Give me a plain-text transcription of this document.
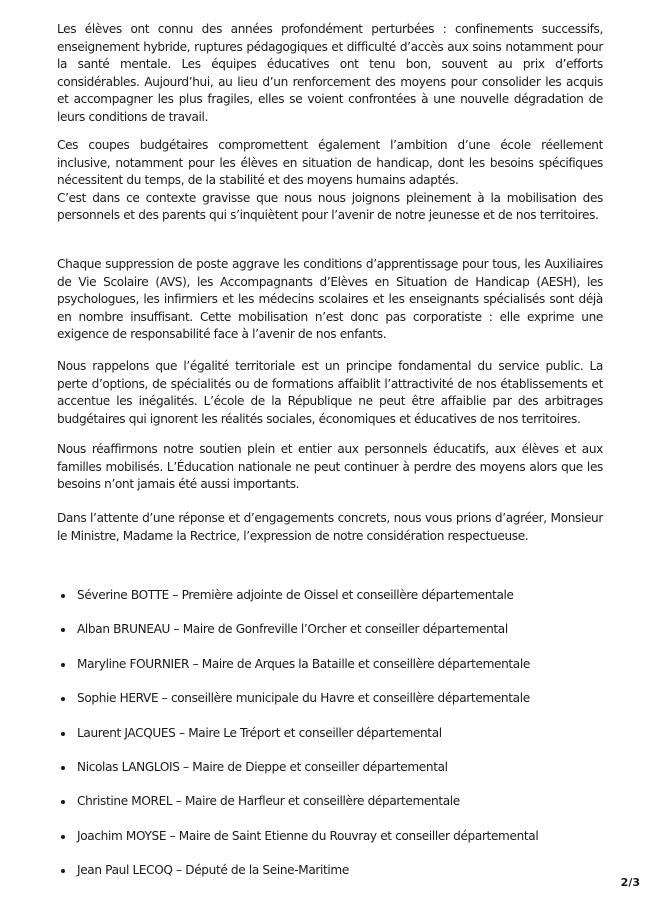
Les élèves ont connu des années profondément perturbées : confinements successifs, enseignement hybride, ruptures pédagogiques et difficulté d’accès aux soins notamment pour la santé mentale. Les équipes éducatives ont tenu bon, souvent au prix d’efforts considérables. Aujourd’hui, au lieu d’un renforcement des moyens pour consolider les acquis et accompagner les plus fragiles, elles se voient confrontées à une nouvelle dégradation de leurs conditions de travail.

Ces coupes budgétaires compromettent également l’ambition d’une école réellement inclusive, notamment pour les élèves en situation de handicap, dont les besoins spécifiques nécessitent du temps, de la stabilité et des moyens humains adaptés.

C’est dans ce contexte gravisse que nous nous joignons pleinement à la mobilisation des personnels et des parents qui s’inquiètent pour l’avenir de notre jeunesse et de nos territoires.

Chaque suppression de poste aggrave les conditions d’apprentissage pour tous, les Auxiliaires de Vie Scolaire (AVS), les Accompagnants d’Elèves en Situation de Handicap (AESH), les psychologues, les infirmiers et les médecins scolaires et les enseignants spécialisés sont déjà en nombre insuffisant. Cette mobilisation n’est donc pas corporatiste : elle exprime une exigence de responsabilité face à l’avenir de nos enfants.

Nous rappelons que l’égalité territoriale est un principe fondamental du service public. La perte d’options, de spécialités ou de formations affaiblit l’attractivité de nos établissements et accentue les inégalités. L’école de la République ne peut être affaiblie par des arbitrages budgétaires qui ignorent les réalités sociales, économiques et éducatives de nos territoires.

Nous réaffirmons notre soutien plein et entier aux personnels éducatifs, aux élèves et aux familles mobilisés. L’Éducation nationale ne peut continuer à perdre des moyens alors que les besoins n’ont jamais été aussi importants.

Dans l’attente d’une réponse et d’engagements concrets, nous vous prions d’agréer, Monsieur le Ministre, Madame la Rectrice, l’expression de notre considération respectueuse.

Séverine BOTTE – Première adjointe de Oissel et conseillère départementale
Alban BRUNEAU – Maire de Gonfreville l’Orcher et conseiller départemental
Maryline FOURNIER – Maire de Arques la Bataille et conseillère départementale
Sophie HERVE – conseillère municipale du Havre et conseillère départementale
Laurent JACQUES – Maire Le Tréport et conseiller départemental
Nicolas LANGLOIS – Maire de Dieppe et conseiller départemental
Christine MOREL – Maire de Harfleur et conseillère départementale
Joachim MOYSE – Maire de Saint Etienne du Rouvray et conseiller départemental
Jean Paul LECOQ – Député de la Seine-Maritime
2/3
